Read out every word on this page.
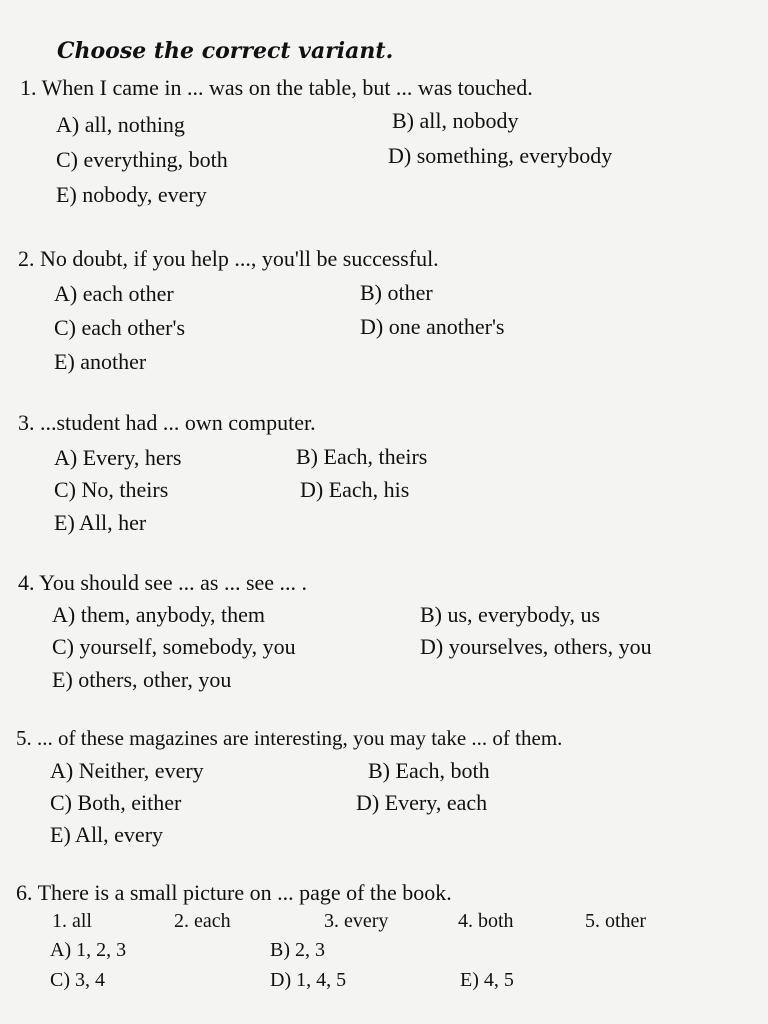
Choose the correct variant.
1. When I came in ... was on the table, but ... was touched.
A) all, nothing	B) all, nobody
C) everything, both	D) something, everybody
E) nobody, every
2. No doubt, if you help ..., you'll be successful.
A) each other	B) other
C) each other's	D) one another's
E) another
3. ...student had ... own computer.
A) Every, hers	B) Each, theirs
C) No, theirs	D) Each, his
E) All, her
4. You should see ... as ... see ... .
A) them, anybody, them	B) us, everybody, us
C) yourself, somebody, you	D) yourselves, others, you
E) others, other, you
5. ... of these magazines are interesting, you may take ... of them.
A) Neither, every	B) Each, both
C) Both, either	D) Every, each
E) All, every
6. There is a small picture on ... page of the book.
1. all	2. each	3. every	4. both	5. other
A) 1, 2, 3	B) 2, 3
C) 3, 4	D) 1, 4, 5	E) 4, 5
